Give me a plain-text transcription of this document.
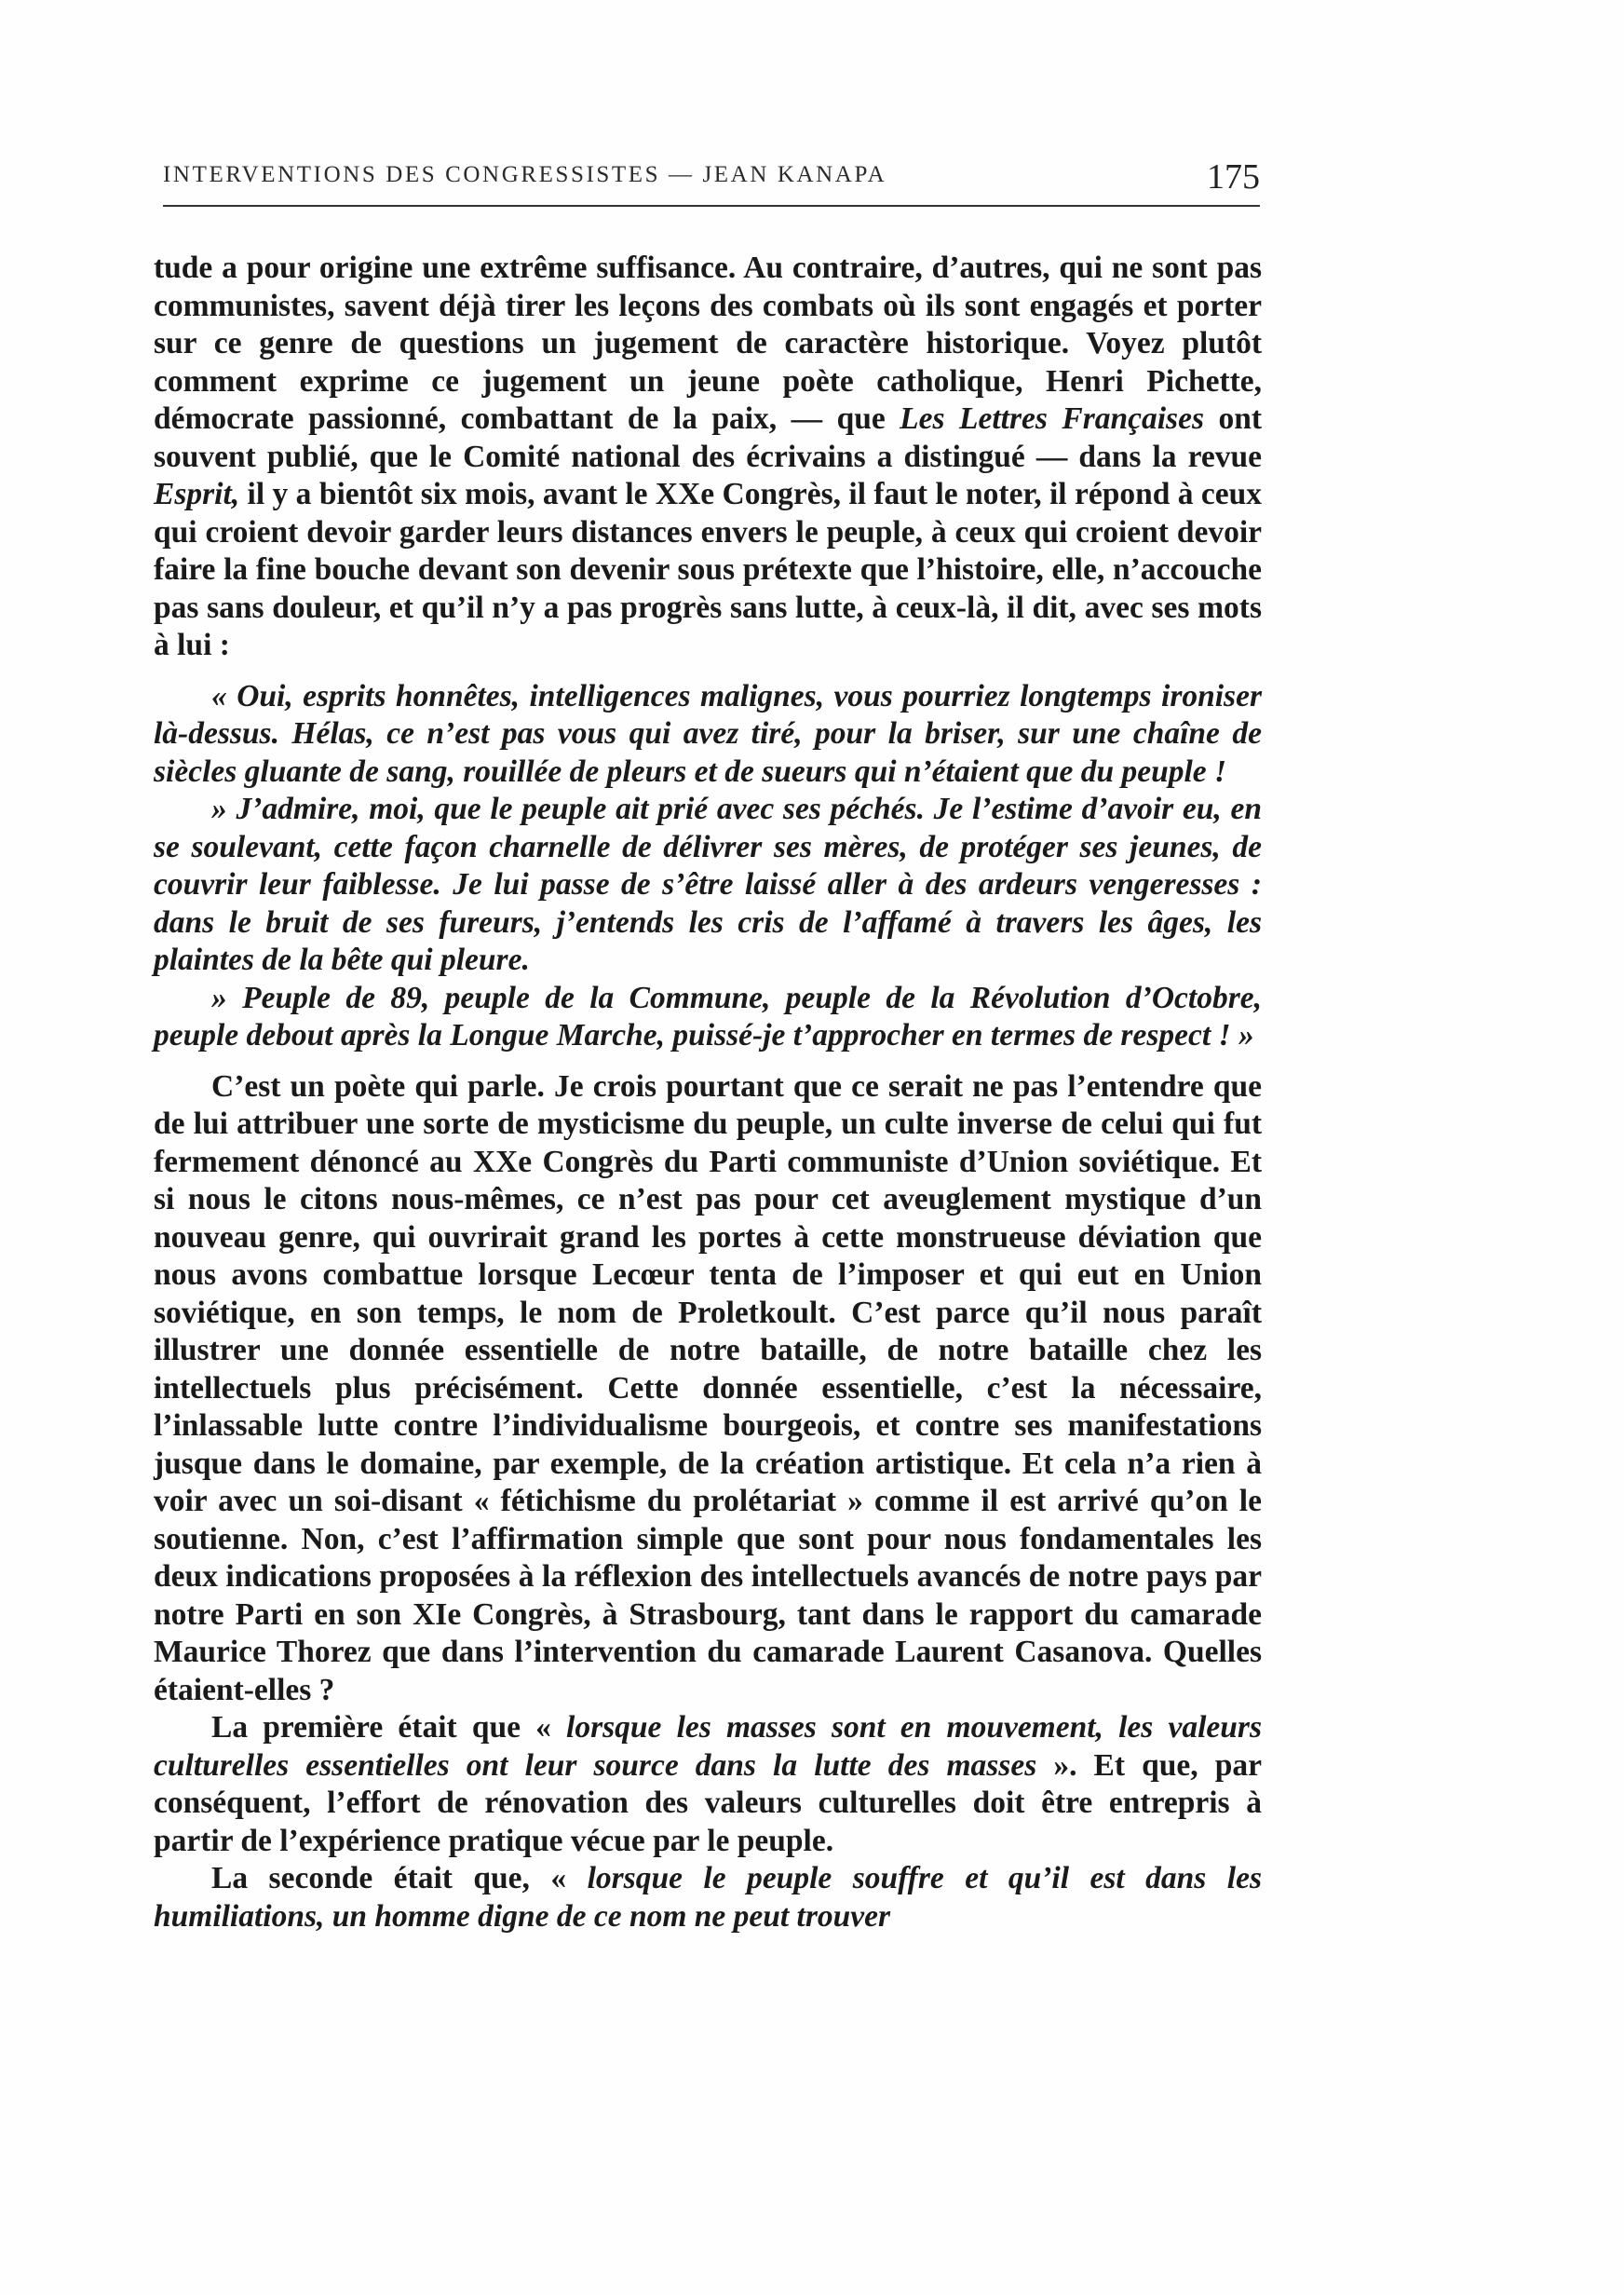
INTERVENTIONS DES CONGRESSISTES — JEAN KANAPA	175

tude a pour origine une extrême suffisance. Au contraire, d’autres, qui ne sont pas communistes, savent déjà tirer les leçons des combats où ils sont engagés et porter sur ce genre de questions un jugement de caractère historique. Voyez plutôt comment exprime ce jugement un jeune poète catholique, Henri Pichette, démocrate passionné, combattant de la paix, — que Les Lettres Françaises ont souvent publié, que le Comité national des écrivains a distingué — dans la revue Esprit, il y a bientôt six mois, avant le XXe Congrès, il faut le noter, il répond à ceux qui croient devoir garder leurs distances envers le peuple, à ceux qui croient devoir faire la fine bouche devant son devenir sous prétexte que l’histoire, elle, n’accouche pas sans douleur, et qu’il n’y a pas progrès sans lutte, à ceux-là, il dit, avec ses mots à lui :

« Oui, esprits honnêtes, intelligences malignes, vous pourriez longtemps ironiser là-dessus. Hélas, ce n’est pas vous qui avez tiré, pour la briser, sur une chaîne de siècles gluante de sang, rouillée de pleurs et de sueurs qui n’étaient que du peuple !

» J’admire, moi, que le peuple ait prié avec ses péchés. Je l’estime d’avoir eu, en se soulevant, cette façon charnelle de délivrer ses mères, de protéger ses jeunes, de couvrir leur faiblesse. Je lui passe de s’être laissé aller à des ardeurs vengeresses : dans le bruit de ses fureurs, j’entends les cris de l’affamé à travers les âges, les plaintes de la bête qui pleure.

» Peuple de 89, peuple de la Commune, peuple de la Révolution d’Octobre, peuple debout après la Longue Marche, puissé-je t’approcher en termes de respect ! »

C’est un poète qui parle. Je crois pourtant que ce serait ne pas l’entendre que de lui attribuer une sorte de mysticisme du peuple, un culte inverse de celui qui fut fermement dénoncé au XXe Congrès du Parti communiste d’Union soviétique. Et si nous le citons nous-mêmes, ce n’est pas pour cet aveuglement mystique d’un nouveau genre, qui ouvrirait grand les portes à cette monstrueuse déviation que nous avons combattue lorsque Lecœur tenta de l’imposer et qui eut en Union soviétique, en son temps, le nom de Proletkoult. C’est parce qu’il nous paraît illustrer une donnée essentielle de notre bataille, de notre bataille chez les intellectuels plus précisément. Cette donnée essentielle, c’est la nécessaire, l’inlassable lutte contre l’individualisme bourgeois, et contre ses manifestations jusque dans le domaine, par exemple, de la création artistique. Et cela n’a rien à voir avec un soi-disant « fétichisme du prolétariat » comme il est arrivé qu’on le soutienne. Non, c’est l’affirmation simple que sont pour nous fondamentales les deux indications proposées à la réflexion des intellectuels avancés de notre pays par notre Parti en son XIe Congrès, à Strasbourg, tant dans le rapport du camarade Maurice Thorez que dans l’intervention du camarade Laurent Casanova. Quelles étaient-elles ?

La première était que « lorsque les masses sont en mouvement, les valeurs culturelles essentielles ont leur source dans la lutte des masses ». Et que, par conséquent, l’effort de rénovation des valeurs culturelles doit être entrepris à partir de l’expérience pratique vécue par le peuple.

La seconde était que, « lorsque le peuple souffre et qu’il est dans les humiliations, un homme digne de ce nom ne peut trouver
